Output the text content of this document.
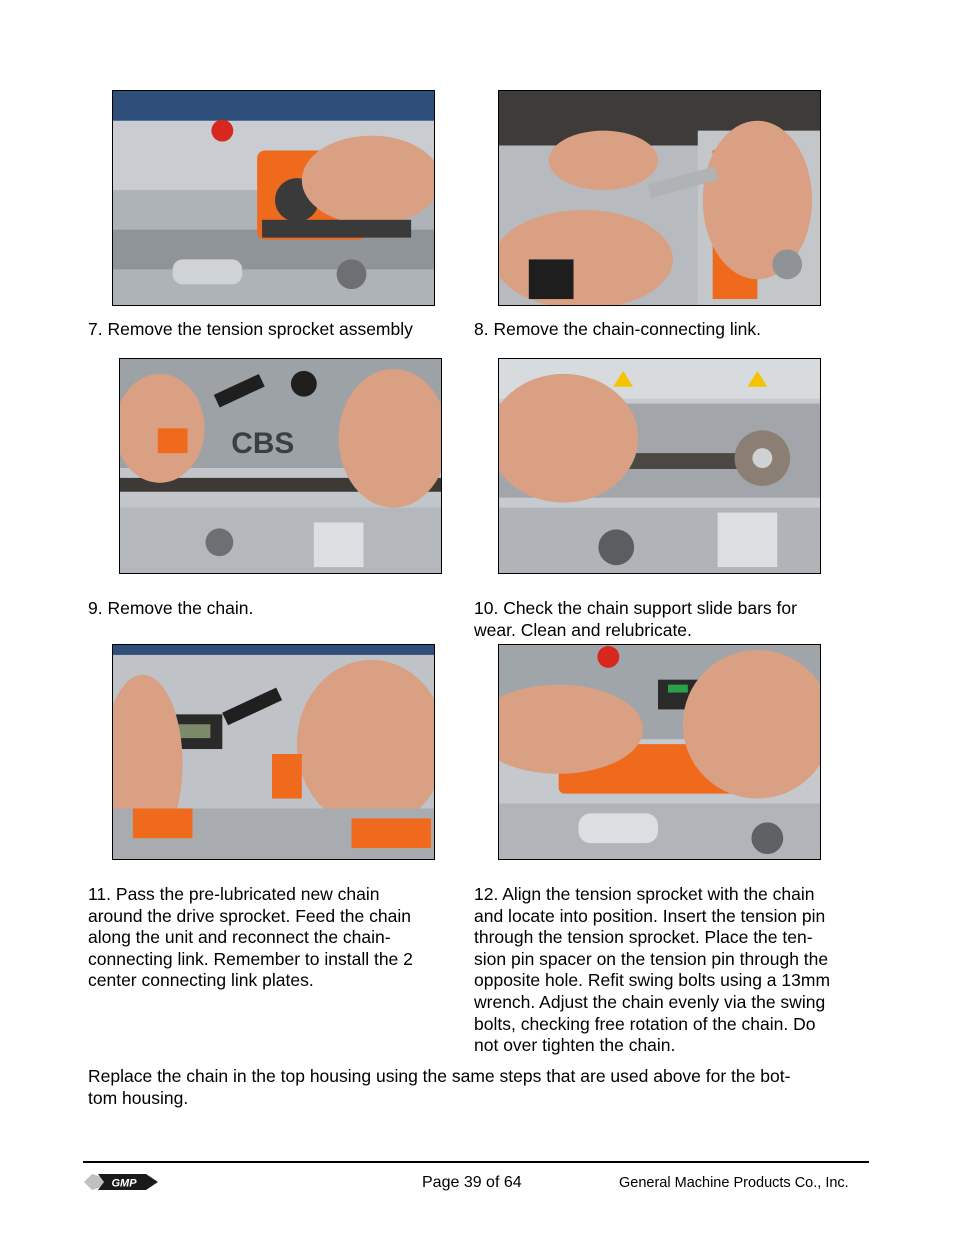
7. Remove the tension sprocket assembly	8. Remove the chain-connecting link.
CBS
9. Remove the chain.	10. Check the chain support slide bars for
wear. Clean and relubricate.
11. Pass the pre-lubricated new chain
around the drive sprocket. Feed the chain
along the unit and reconnect the chain-
connecting link. Remember to install the 2
center connecting link plates.
12. Align the tension sprocket with the chain
and locate into position. Insert the tension pin
through the tension sprocket. Place the ten-
sion pin spacer on the tension pin through the
opposite hole. Refit swing bolts using a 13mm
wrench. Adjust the chain evenly via the swing
bolts, checking free rotation of the chain. Do
not over tighten the chain.
Replace the chain in the top housing using the same steps that are used above for the bot-
tom housing.
GMP	Page 39 of 64	General Machine Products Co., Inc.
